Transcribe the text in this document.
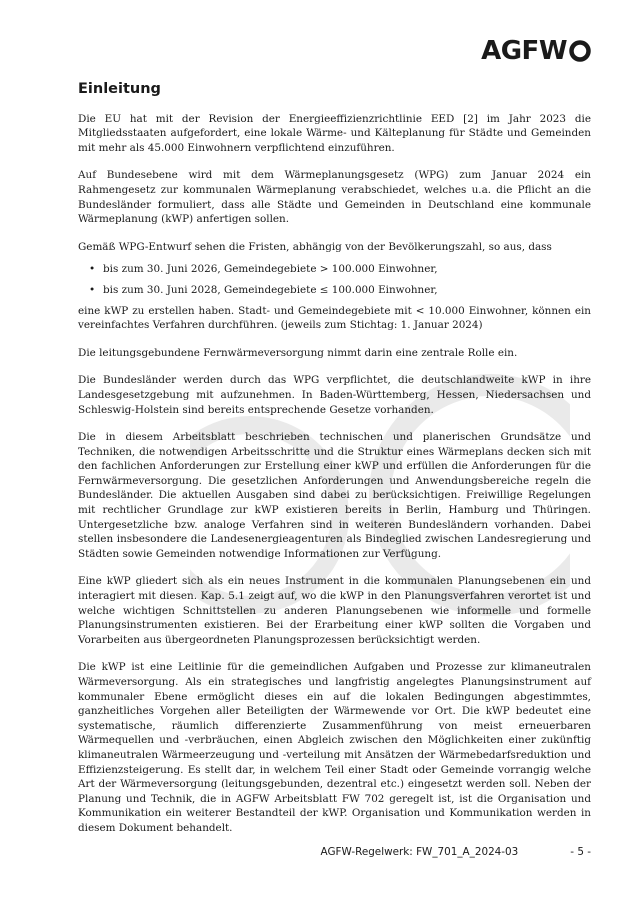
AGFW
Einleitung

Die EU hat mit der Revision der Energieeffizienzrichtlinie EED [2] im Jahr 2023 die Mitgliedsstaaten aufgefordert, eine lokale Wärme- und Kälteplanung für Städte und Gemeinden mit mehr als 45.000 Einwohnern verpflichtend einzuführen.

Auf Bundesebene wird mit dem Wärmeplanungsgesetz (WPG) zum Januar 2024 ein Rahmengesetz zur kommunalen Wärmeplanung verabschiedet, welches u.a. die Pflicht an die Bundesländer formuliert, dass alle Städte und Gemeinden in Deutschland eine kommunale Wärmeplanung (kWP) anfertigen sollen.

Gemäß WPG-Entwurf sehen die Fristen, abhängig von der Bevölkerungszahl, so aus, dass

• bis zum 30. Juni 2026, Gemeindegebiete > 100.000 Einwohner,
• bis zum 30. Juni 2028, Gemeindegebiete ≤ 100.000 Einwohner,

eine kWP zu erstellen haben. Stadt- und Gemeindegebiete mit < 10.000 Einwohner, können ein vereinfachtes Verfahren durchführen. (jeweils zum Stichtag: 1. Januar 2024)

Die leitungsgebundene Fernwärmeversorgung nimmt darin eine zentrale Rolle ein.

Die Bundesländer werden durch das WPG verpflichtet, die deutschlandweite kWP in ihre Landesgesetzgebung mit aufzunehmen. In Baden-Württemberg, Hessen, Niedersachsen und Schleswig-Holstein sind bereits entsprechende Gesetze vorhanden.

Die in diesem Arbeitsblatt beschrieben technischen und planerischen Grundsätze und Techniken, die notwendigen Arbeitsschritte und die Struktur eines Wärmeplans decken sich mit den fachlichen Anforderungen zur Erstellung einer kWP und erfüllen die Anforderungen für die Fernwärmeversorgung. Die gesetzlichen Anforderungen und Anwendungsbereiche regeln die Bundesländer. Die aktuellen Ausgaben sind dabei zu berücksichtigen. Freiwillige Regelungen mit rechtlicher Grundlage zur kWP existieren bereits in Berlin, Hamburg und Thüringen. Untergesetzliche bzw. analoge Verfahren sind in weiteren Bundesländern vorhanden. Dabei stellen insbesondere die Landesenergieagenturen als Bindeglied zwischen Landesregierung und Städten sowie Gemeinden notwendige Informationen zur Verfügung.

Eine kWP gliedert sich als ein neues Instrument in die kommunalen Planungsebenen ein und interagiert mit diesen. Kap. 5.1 zeigt auf, wo die kWP in den Planungsverfahren verortet ist und welche wichtigen Schnittstellen zu anderen Planungsebenen wie informelle und formelle Planungsinstrumenten existieren. Bei der Erarbeitung einer kWP sollten die Vorgaben und Vorarbeiten aus übergeordneten Planungsprozessen berücksichtigt werden.

Die kWP ist eine Leitlinie für die gemeindlichen Aufgaben und Prozesse zur klimaneutralen Wärmeversorgung. Als ein strategisches und langfristig angelegtes Planungsinstrument auf kommunaler Ebene ermöglicht dieses ein auf die lokalen Bedingungen abgestimmtes, ganzheitliches Vorgehen aller Beteiligten der Wärmewende vor Ort. Die kWP bedeutet eine systematische, räumlich differenzierte Zusammenführung von meist erneuerbaren Wärmequellen und -verbräuchen, einen Abgleich zwischen den Möglichkeiten einer zukünftig klimaneutralen Wärmeerzeugung und -verteilung mit Ansätzen der Wärmebedarfsreduktion und Effizienzsteigerung. Es stellt dar, in welchem Teil einer Stadt oder Gemeinde vorrangig welche Art der Wärmeversorgung (leitungsgebunden, dezentral etc.) eingesetzt werden soll. Neben der Planung und Technik, die in AGFW Arbeitsblatt FW 702 geregelt ist, ist die Organisation und Kommunikation ein weiterer Bestandteil der kWP. Organisation und Kommunikation werden in diesem Dokument behandelt.

AGFW-Regelwerk: FW_701_A_2024-03	- 5 -
